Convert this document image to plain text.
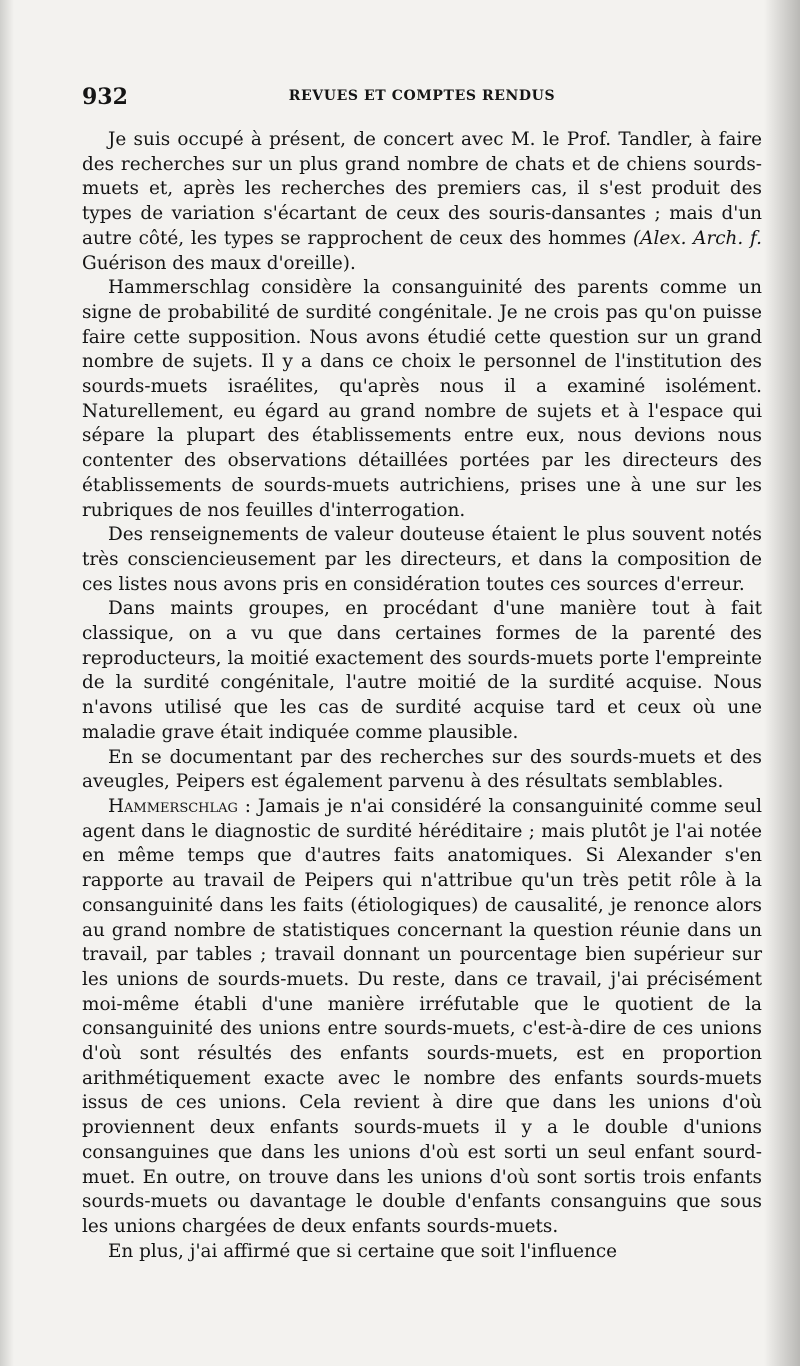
932	REVUES ET COMPTES RENDUS

Je suis occupé à présent, de concert avec M. le Prof. Tandler, à faire des recherches sur un plus grand nombre de chats et de chiens sourds-muets et, après les recherches des premiers cas, il s'est produit des types de variation s'écartant de ceux des souris-dansantes ; mais d'un autre côté, les types se rapprochent de ceux des hommes (Alex. Arch. f. Guérison des maux d'oreille).

Hammerschlag considère la consanguinité des parents comme un signe de probabilité de surdité congénitale. Je ne crois pas qu'on puisse faire cette supposition. Nous avons étudié cette question sur un grand nombre de sujets. Il y a dans ce choix le personnel de l'institution des sourds-muets israélites, qu'après nous il a examiné isolément. Naturellement, eu égard au grand nombre de sujets et à l'espace qui sépare la plupart des établissements entre eux, nous devions nous contenter des observations détaillées portées par les directeurs des établissements de sourds-muets autrichiens, prises une à une sur les rubriques de nos feuilles d'interrogation.

Des renseignements de valeur douteuse étaient le plus souvent notés très consciencieusement par les directeurs, et dans la composition de ces listes nous avons pris en considération toutes ces sources d'erreur.

Dans maints groupes, en procédant d'une manière tout à fait classique, on a vu que dans certaines formes de la parenté des reproducteurs, la moitié exactement des sourds-muets porte l'empreinte de la surdité congénitale, l'autre moitié de la surdité acquise. Nous n'avons utilisé que les cas de surdité acquise tard et ceux où une maladie grave était indiquée comme plausible.

En se documentant par des recherches sur des sourds-muets et des aveugles, Peipers est également parvenu à des résultats semblables.

Hammerschlag : Jamais je n'ai considéré la consanguinité comme seul agent dans le diagnostic de surdité héréditaire ; mais plutôt je l'ai notée en même temps que d'autres faits anatomiques. Si Alexander s'en rapporte au travail de Peipers qui n'attribue qu'un très petit rôle à la consanguinité dans les faits (étiologiques) de causalité, je renonce alors au grand nombre de statistiques concernant la question réunie dans un travail, par tables ; travail donnant un pourcentage bien supérieur sur les unions de sourds-muets. Du reste, dans ce travail, j'ai précisément moi-même établi d'une manière irréfutable que le quotient de la consanguinité des unions entre sourds-muets, c'est-à-dire de ces unions d'où sont résultés des enfants sourds-muets, est en proportion arithmétiquement exacte avec le nombre des enfants sourds-muets issus de ces unions. Cela revient à dire que dans les unions d'où proviennent deux enfants sourds-muets il y a le double d'unions consanguines que dans les unions d'où est sorti un seul enfant sourd-muet. En outre, on trouve dans les unions d'où sont sortis trois enfants sourds-muets ou davantage le double d'enfants consanguins que sous les unions chargées de deux enfants sourds-muets.

En plus, j'ai affirmé que si certaine que soit l'influence
